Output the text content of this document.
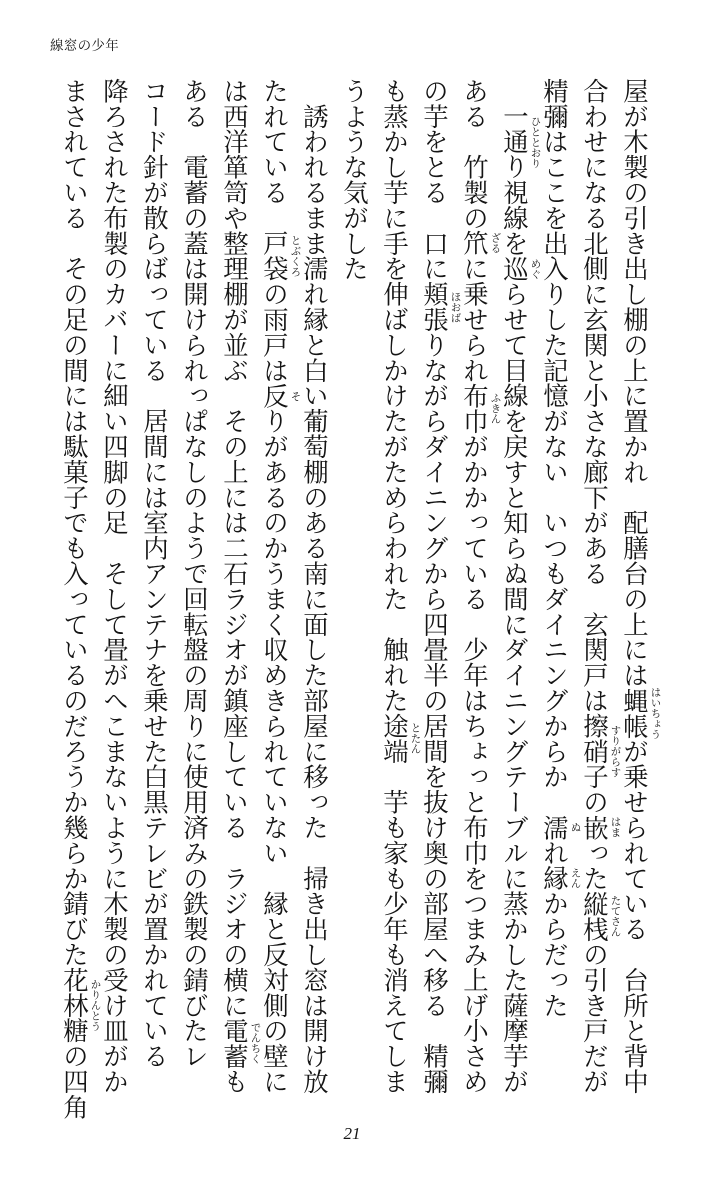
線窓の少年
屋が木製の引き出し棚の上に置かれ　配膳台の上には蝿帳 はいちょう
が乗せられている　台所と背中
合わせになる北側に玄関と小さな廊下がある　玄関戸は擦硝子 すりがらす
の嵌 はま
った縦桟 たてさん
の引き戸だが
精彌はここを出入りした記憶がない　いつもダイニングからか　濡 ぬ
れ縁 えん
からだった
　一通り ひととおり
視線を巡 めぐ
らせて目線を戻すと知らぬ間にダイニングテーブルに蒸かした薩摩芋が
ある　竹製の笊 ざる
に乗せられ布巾 ふきん
がかかっている　少年はちょっと布巾をつまみ上げ小さめ
の芋をとる　口に頬張 ほおば
りながらダイニングから四畳半の居間を抜け奥の部屋へ移る　精彌
も蒸かし芋に手を伸ばしかけたがためらわれた　触れた途端 とたん
　芋も家も少年も消えてしま
うような気がした
　誘われるまま濡れ縁と白い葡萄棚のある南に面した部屋に移った　掃き出し窓は開け放
たれている　戸袋 とぶくろ
の雨戸は反 そ
りがあるのかうまく収めきられていない　縁と反対側の壁に
は西洋箪笥や整理棚が並ぶ　その上には二石ラジオが鎮座している　ラジオの横に電蓄 でんちく
も
ある　電蓄の蓋は開けられっぱなしのようで回転盤の周りに使用済みの鉄製の錆びたレ
コード針が散らばっている　居間には室内アンテナを乗せた白黒テレビが置かれている
降ろされた布製のカバーに細い四脚の足　そして畳がへこまないように木製の受け皿がか
まされている　その足の間には駄菓子でも入っているのだろうか幾らか錆びた花林糖 かりんとう
の四角
21
